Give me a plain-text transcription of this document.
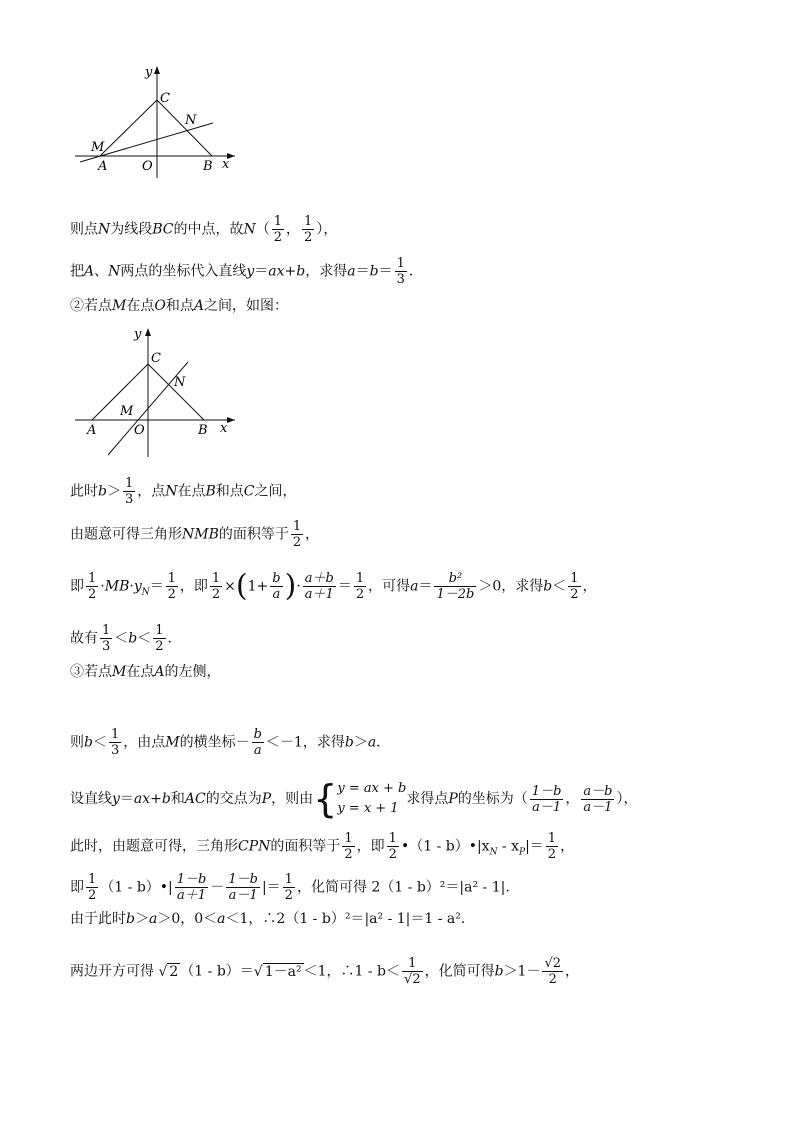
y
x
C
N
M
A	O	B
则点N为线段BC的中点，故$N( \frac{1}{2}$ ， $\frac{1}{2}$ ），
把A、N两点的坐标代入直线y＝ax+b，求得$a=b= \frac{1}{3}$ ．
②若点M在点O和点A之间，如图：
y
x
C
N
M
A	O	B
此时$b> \frac{1}{3}$ ，点N在点B和点C之间，
由题意可得三角形NMB的面积等于 $\frac{1}{2}$ ，
即 $\frac{1}{2} \cdot MB\cdot y_N= \frac{1}{2}$ ，即 $\frac{1}{2} \times(1+ \frac{b}{a}$ )· $\frac{a+b}{a+1} = \frac{1}{2}$ ，可得$a= \frac{\text{b²}}{1-2b} >0$，求得$b< \frac{1}{2}$ ，
故有 $\frac{1}{3} <b< \frac{1}{2}$ ．
③若点M在点A的左侧，
则$b< \frac{1}{3}$ ，由点M的横坐标－ $\frac{b}{a} <-1$，求得b＞a．
设直线y＝ax+b和AC的交点为P，则由{ y = ax + b
y = x + 1
求得点P的坐标为（ $\frac{1-b}{a-1}$ ， $\frac{a-b}{a-1}$ ），
此时，由题意可得，三角形CPN的面积等于 $\frac{1}{2}$ ，即 $\frac{1}{2}$ •（1 - $b)•|x_N - x_P|= \frac{1}{2}$ ，
即 $\frac{1}{2} (1$ - b）•| $\frac{1-b}{a+1} - \frac{1-b}{a-1}$ |＝ $\frac{1}{2}$ ，化简可得 2（1 - b）²＝|a² - 1|.
由于此时b＞a＞0，0＜a＜1，∴2（1 - b）²＝|a² - 1|＝1 - a²．
两边开方可得 √ 2 （1 - b）＝√ 1－a² ＜1，∴1 - $b< \frac{1}{√2}$ ，化简可得$b>1- \frac{√2}{2}$ ，
